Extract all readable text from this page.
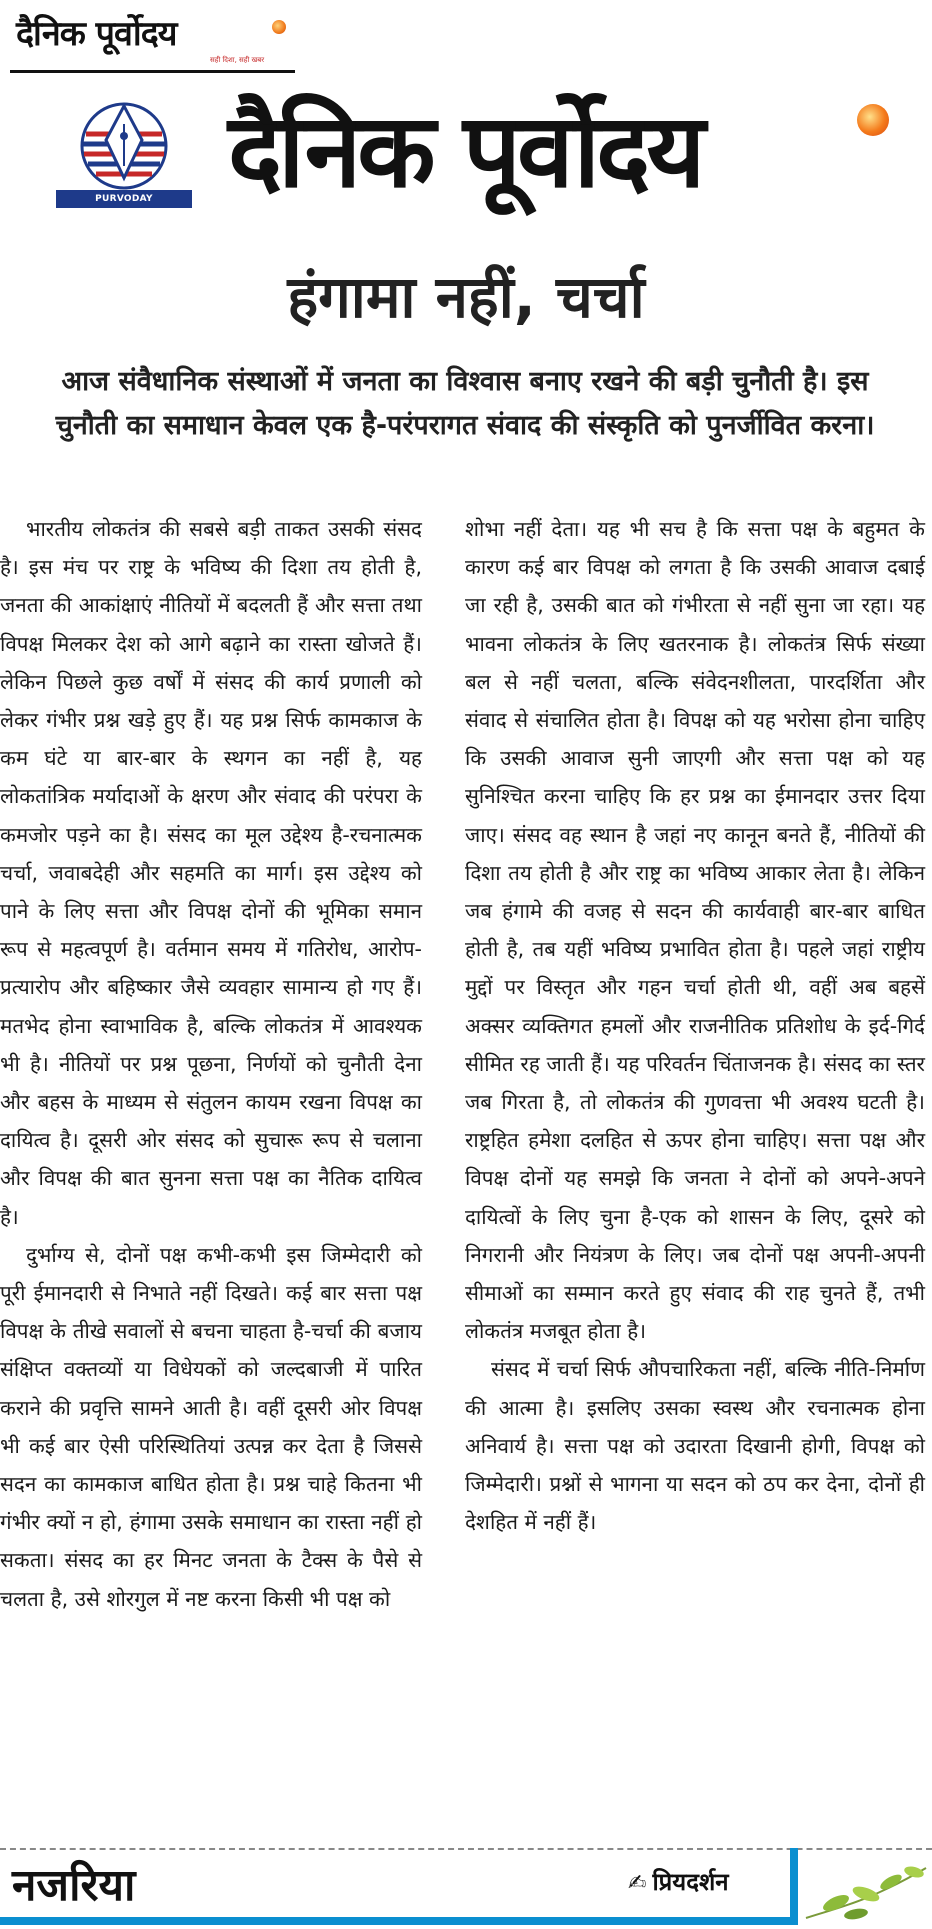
दैनिक पूर्वोदय
सही दिशा, सही खबर
PURVODAY PUBLICATIONS
दैनिक पूर्वोदय
हंगामा नहीं, चर्चा
आज संवैधानिक संस्थाओं में जनता का विश्वास बनाए रखने की बड़ी चुनौती है। इस चुनौती का समाधान केवल एक है-परंपरागत संवाद की संस्कृति को पुनर्जीवित करना।

भारतीय लोकतंत्र की सबसे बड़ी ताकत उसकी संसद है। इस मंच पर राष्ट्र के भविष्य की दिशा तय होती है, जनता की आकांक्षाएं नीतियों में बदलती हैं और सत्ता तथा विपक्ष मिलकर देश को आगे बढ़ाने का रास्ता खोजते हैं। लेकिन पिछले कुछ वर्षों में संसद की कार्य प्रणाली को लेकर गंभीर प्रश्न खड़े हुए हैं। यह प्रश्न सिर्फ कामकाज के कम घंटे या बार-बार के स्थगन का नहीं है, यह लोकतांत्रिक मर्यादाओं के क्षरण और संवाद की परंपरा के कमजोर पड़ने का है। संसद का मूल उद्देश्य है-रचनात्मक चर्चा, जवाबदेही और सहमति का मार्ग। इस उद्देश्य को पाने के लिए सत्ता और विपक्ष दोनों की भूमिका समान रूप से महत्वपूर्ण है। वर्तमान समय में गतिरोध, आरोप-प्रत्यारोप और बहिष्कार जैसे व्यवहार सामान्य हो गए हैं। मतभेद होना स्वाभाविक है, बल्कि लोकतंत्र में आवश्यक भी है। नीतियों पर प्रश्न पूछना, निर्णयों को चुनौती देना और बहस के माध्यम से संतुलन कायम रखना विपक्ष का दायित्व है। दूसरी ओर संसद को सुचारू रूप से चलाना और विपक्ष की बात सुनना सत्ता पक्ष का नैतिक दायित्व है।

दुर्भाग्य से, दोनों पक्ष कभी-कभी इस जिम्मेदारी को पूरी ईमानदारी से निभाते नहीं दिखते। कई बार सत्ता पक्ष विपक्ष के तीखे सवालों से बचना चाहता है-चर्चा की बजाय संक्षिप्त वक्तव्यों या विधेयकों को जल्दबाजी में पारित कराने की प्रवृत्ति सामने आती है। वहीं दूसरी ओर विपक्ष भी कई बार ऐसी परिस्थितियां उत्पन्न कर देता है जिससे सदन का कामकाज बाधित होता है। प्रश्न चाहे कितना भी गंभीर क्यों न हो, हंगामा उसके समाधान का रास्ता नहीं हो सकता। संसद का हर मिनट जनता के टैक्स के पैसे से चलता है, उसे शोरगुल में नष्ट करना किसी भी पक्ष को

शोभा नहीं देता। यह भी सच है कि सत्ता पक्ष के बहुमत के कारण कई बार विपक्ष को लगता है कि उसकी आवाज दबाई जा रही है, उसकी बात को गंभीरता से नहीं सुना जा रहा। यह भावना लोकतंत्र के लिए खतरनाक है। लोकतंत्र सिर्फ संख्या बल से नहीं चलता, बल्कि संवेदनशीलता, पारदर्शिता और संवाद से संचालित होता है। विपक्ष को यह भरोसा होना चाहिए कि उसकी आवाज सुनी जाएगी और सत्ता पक्ष को यह सुनिश्चित करना चाहिए कि हर प्रश्न का ईमानदार उत्तर दिया जाए। संसद वह स्थान है जहां नए कानून बनते हैं, नीतियों की दिशा तय होती है और राष्ट्र का भविष्य आकार लेता है। लेकिन जब हंगामे की वजह से सदन की कार्यवाही बार-बार बाधित होती है, तब यहीं भविष्य प्रभावित होता है। पहले जहां राष्ट्रीय मुद्दों पर विस्तृत और गहन चर्चा होती थी, वहीं अब बहसें अक्सर व्यक्तिगत हमलों और राजनीतिक प्रतिशोध के इर्द-गिर्द सीमित रह जाती हैं। यह परिवर्तन चिंताजनक है। संसद का स्तर जब गिरता है, तो लोकतंत्र की गुणवत्ता भी अवश्य घटती है। राष्ट्रहित हमेशा दलहित से ऊपर होना चाहिए। सत्ता पक्ष और विपक्ष दोनों यह समझे कि जनता ने दोनों को अपने-अपने दायित्वों के लिए चुना है-एक को शासन के लिए, दूसरे को निगरानी और नियंत्रण के लिए। जब दोनों पक्ष अपनी-अपनी सीमाओं का सम्मान करते हुए संवाद की राह चुनते हैं, तभी लोकतंत्र मजबूत होता है।

संसद में चर्चा सिर्फ औपचारिकता नहीं, बल्कि नीति-निर्माण की आत्मा है। इसलिए उसका स्वस्थ और रचनात्मक होना अनिवार्य है। सत्ता पक्ष को उदारता दिखानी होगी, विपक्ष को जिम्मेदारी। प्रश्नों से भागना या सदन को ठप कर देना, दोनों ही देशहित में नहीं हैं।

नजरिया	✍ प्रियदर्शन
